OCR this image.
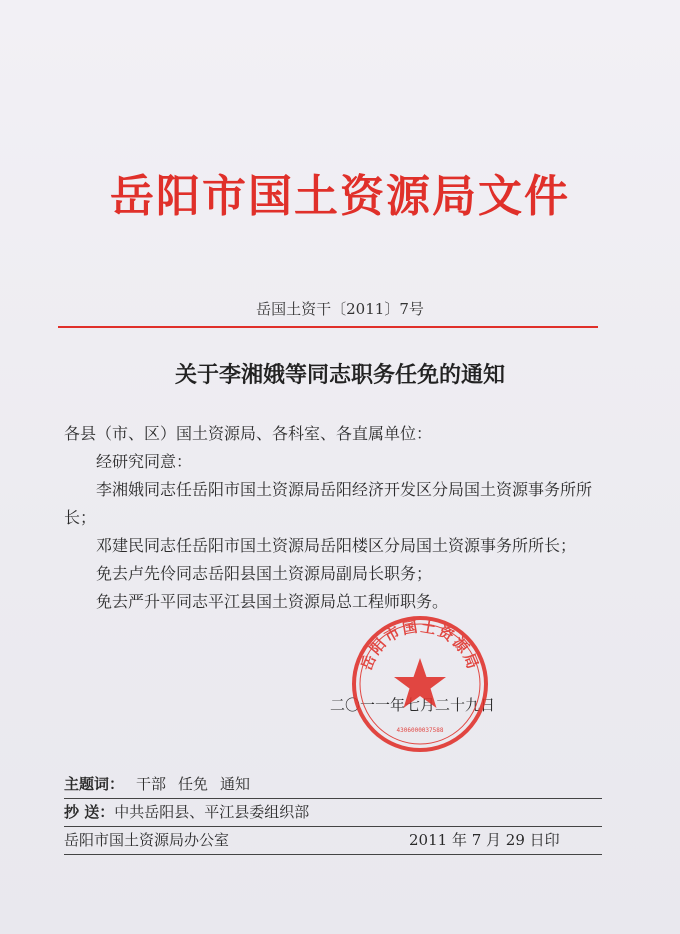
岳阳市国土资源局文件
岳国土资干〔2011〕7号
关于李湘娥等同志职务任免的通知

各县（市、区）国土资源局、各科室、各直属单位：

经研究同意：

李湘娥同志任岳阳市国土资源局岳阳经济开发区分局国土资源事务所所长；

邓建民同志任岳阳市国土资源局岳阳楼区分局国土资源事务所所长；

免去卢先伶同志岳阳县国土资源局副局长职务；

免去严升平同志平江县国土资源局总工程师职务。

二〇一一年七月二十九日
岳阳市国土资源局
4306000037588
主题词： 干部 任免 通知
抄 送：中共岳阳县、平江县委组织部
岳阳市国土资源局办公室	2011 年 7 月 29 日印
